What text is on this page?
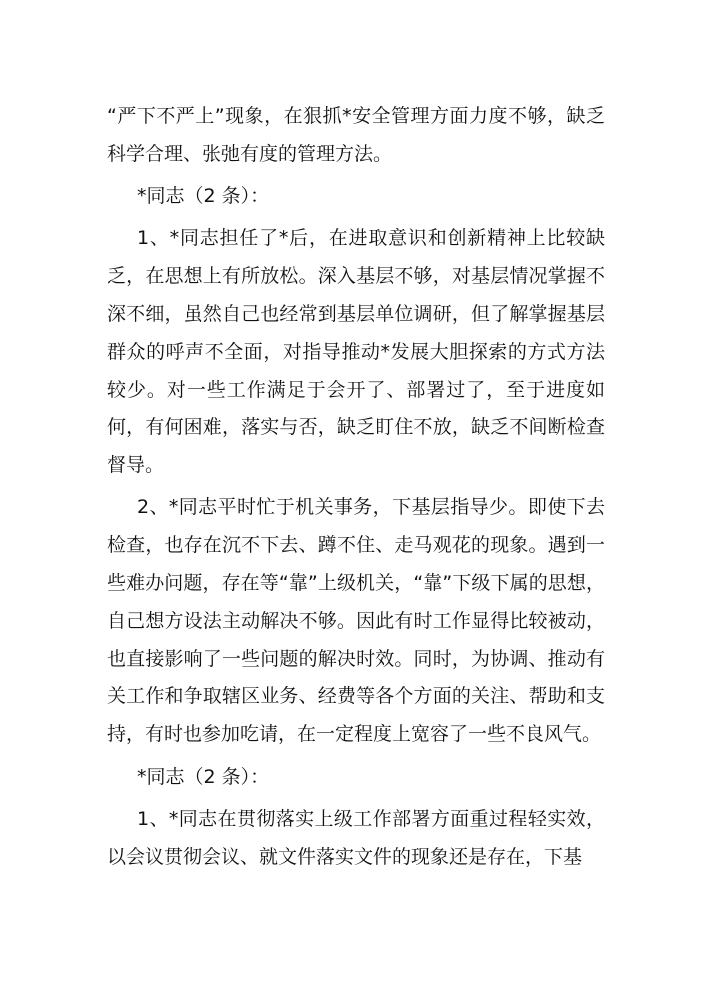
“严下不严上”现象，在狠抓*安全管理方面力度不够，缺乏科学合理、张弛有度的管理方法。

*同志（2 条）：

1、*同志担任了*后，在进取意识和创新精神上比较缺乏，在思想上有所放松。深入基层不够，对基层情况掌握不深不细，虽然自己也经常到基层单位调研，但了解掌握基层群众的呼声不全面，对指导推动*发展大胆探索的方式方法较少。对一些工作满足于会开了、部署过了，至于进度如何，有何困难，落实与否，缺乏盯住不放，缺乏不间断检查督导。

2、*同志平时忙于机关事务，下基层指导少。即使下去检查，也存在沉不下去、蹲不住、走马观花的现象。遇到一些难办问题，存在等“靠”上级机关，“靠”下级下属的思想，自己想方设法主动解决不够。因此有时工作显得比较被动，也直接影响了一些问题的解决时效。同时，为协调、推动有关工作和争取辖区业务、经费等各个方面的关注、帮助和支持，有时也参加吃请，在一定程度上宽容了一些不良风气。

*同志（2 条）：

1、*同志在贯彻落实上级工作部署方面重过程轻实效，以会议贯彻会议、就文件落实文件的现象还是存在，下基
